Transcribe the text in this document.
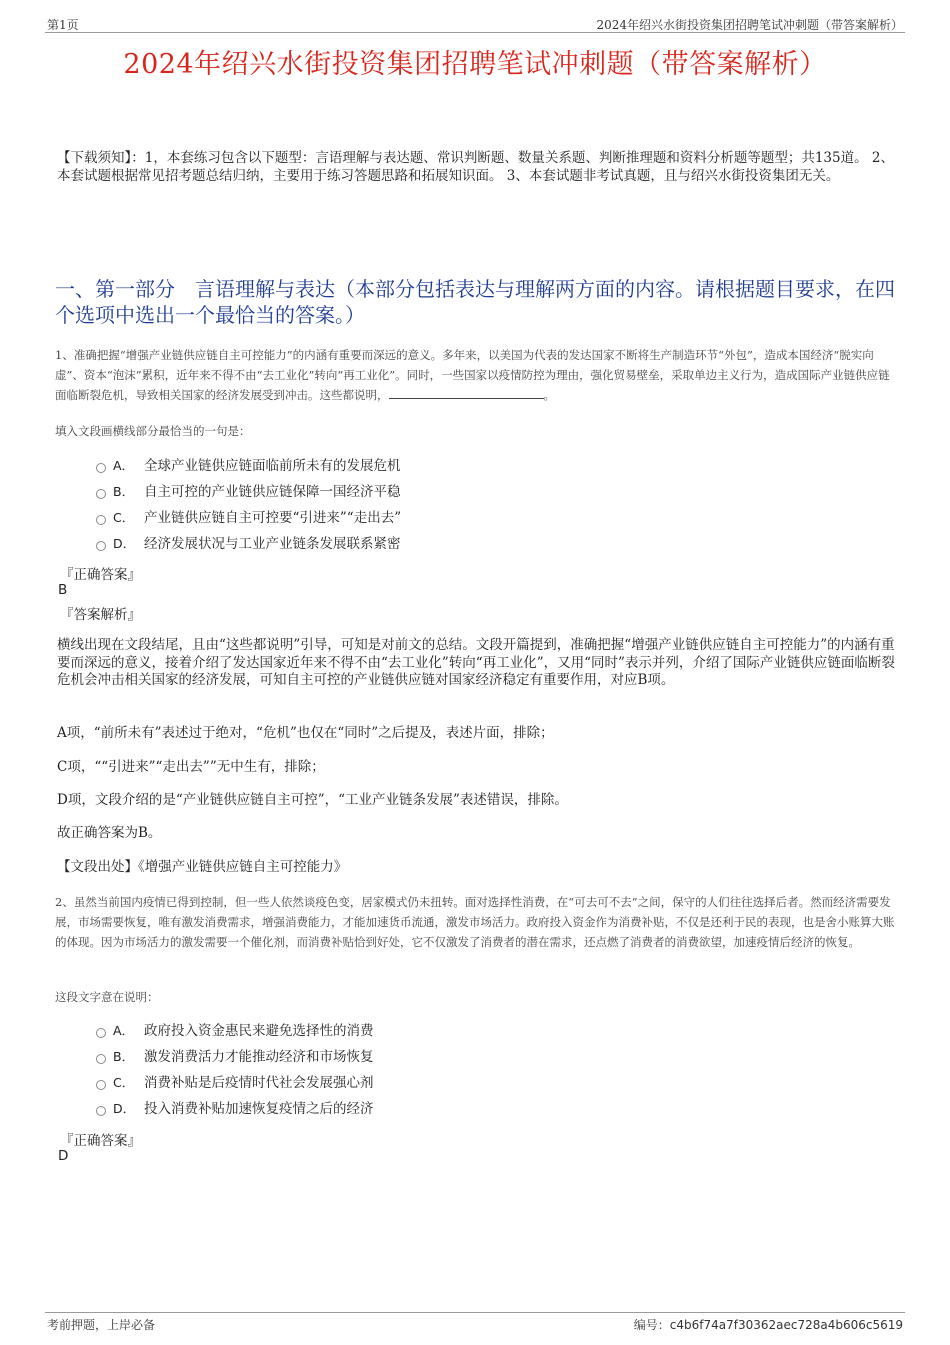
第1页	2024年绍兴水街投资集团招聘笔试冲刺题（带答案解析）
2024年绍兴水街投资集团招聘笔试冲刺题（带答案解析）
【下载须知】：1，本套练习包含以下题型：言语理解与表达题、常识判断题、数量关系题、判断推理题和资料分析题等题型；共135道。 2、本套试题根据常见招考题总结归纳，主要用于练习答题思路和拓展知识面。 3、本套试题非考试真题，且与绍兴水街投资集团无关。
一、第一部分　言语理解与表达（本部分包括表达与理解两方面的内容。请根据题目要求，在四个选项中选出一个最恰当的答案。）
1、准确把握“增强产业链供应链自主可控能力”的内涵有重要而深远的意义。多年来，以美国为代表的发达国家不断将生产制造环节“外包”，造成本国经济“脱实向虚”、资本“泡沫”累积，近年来不得不由“去工业化”转向“再工业化”。同时，一些国家以疫情防控为理由，强化贸易壁垒，采取单边主义行为，造成国际产业链供应链面临断裂危机，导致相关国家的经济发展受到冲击。这些都说明，	。
填入文段画横线部分最恰当的一句是：
A． 全球产业链供应链面临前所未有的发展危机
B． 自主可控的产业链供应链保障一国经济平稳
C． 产业链供应链自主可控要“引进来”“走出去”
D． 经济发展状况与工业产业链条发展联系紧密
『正确答案』
B
『答案解析』
横线出现在文段结尾，且由“这些都说明”引导，可知是对前文的总结。文段开篇提到，准确把握“增强产业链供应链自主可控能力”的内涵有重要而深远的意义，接着介绍了发达国家近年来不得不由“去工业化”转向“再工业化”，又用“同时”表示并列，介绍了国际产业链供应链面临断裂危机会冲击相关国家的经济发展，可知自主可控的产业链供应链对国家经济稳定有重要作用，对应B项。
A项，“前所未有”表述过于绝对，“危机”也仅在“同时”之后提及，表述片面，排除；
C项，““引进来”“走出去””无中生有，排除；
D项，文段介绍的是“产业链供应链自主可控”，“工业产业链条发展”表述错误，排除。
故正确答案为B。
【文段出处】《增强产业链供应链自主可控能力》
2、虽然当前国内疫情已得到控制，但一些人依然谈疫色变，居家模式仍未扭转。面对选择性消费，在“可去可不去”之间，保守的人们往往选择后者。然而经济需要发展，市场需要恢复，唯有激发消费需求，增强消费能力，才能加速货币流通，激发市场活力。政府投入资金作为消费补贴，不仅是还利于民的表现，也是舍小账算大账的体现。因为市场活力的激发需要一个催化剂，而消费补贴恰到好处，它不仅激发了消费者的潜在需求，还点燃了消费者的消费欲望，加速疫情后经济的恢复。
这段文字意在说明：
A． 政府投入资金惠民来避免选择性的消费
B． 激发消费活力才能推动经济和市场恢复
C． 消费补贴是后疫情时代社会发展强心剂
D． 投入消费补贴加速恢复疫情之后的经济
『正确答案』
D
考前押题，上岸必备	编号：c4b6f74a7f30362aec728a4b606c5619
